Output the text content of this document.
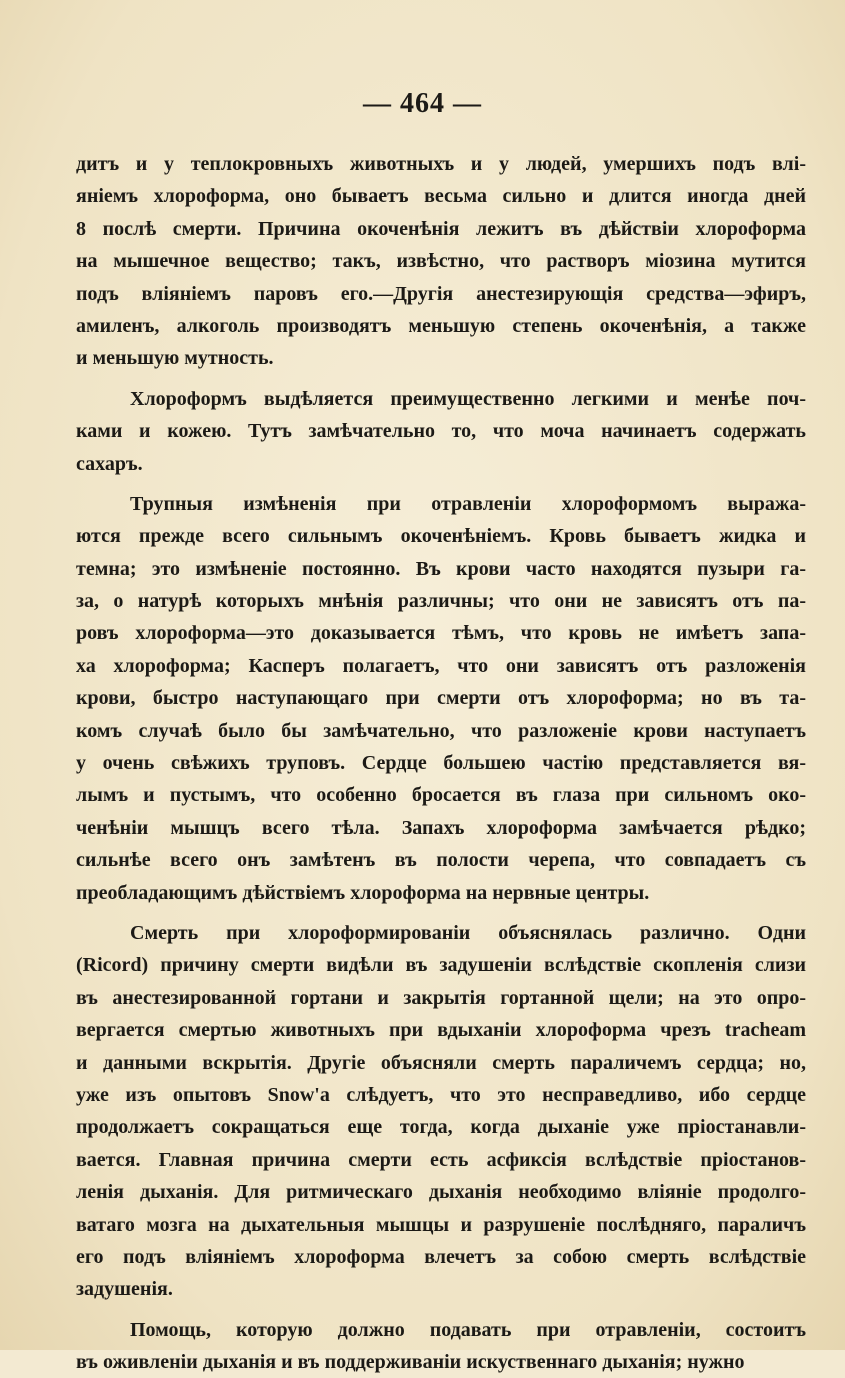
— 464 —
дитъ и у теплокровныхъ животныхъ и у людей, умершихъ подъ влі-
яніемъ хлороформа, оно бываетъ весьма сильно и длится иногда дней
8 послѣ смерти. Причина окоченѣнія лежитъ въ дѣйствіи хлороформа
на мышечное вещество; такъ, извѣстно, что растворъ міозина мутится
подъ вліяніемъ паровъ его.—Другія анестезирующія средства—эфиръ,
амиленъ, алкоголь производятъ меньшую степень окоченѣнія, а также
и меньшую мутность.
Хлороформъ выдѣляется преимущественно легкими и менѣе поч-
ками и кожею. Тутъ замѣчательно то, что моча начинаетъ содержать
сахаръ.
Трупныя измѣненія при отравленіи хлороформомъ выража-
ются прежде всего сильнымъ окоченѣніемъ. Кровь бываетъ жидка и
темна; это измѣненіе постоянно. Въ крови часто находятся пузыри га-
за, о натурѣ которыхъ мнѣнія различны; что они не зависятъ отъ па-
ровъ хлороформа—это доказывается тѣмъ, что кровь не имѣетъ запа-
ха хлороформа; Касперъ полагаетъ, что они зависятъ отъ разложенія
крови, быстро наступающаго при смерти отъ хлороформа; но въ та-
комъ случаѣ было бы замѣчательно, что разложеніе крови наступаетъ
у очень свѣжихъ труповъ. Сердце большею частію представляется вя-
лымъ и пустымъ, что особенно бросается въ глаза при сильномъ око-
ченѣніи мышцъ всего тѣла. Запахъ хлороформа замѣчается рѣдко;
сильнѣе всего онъ замѣтенъ въ полости черепа, что совпадаетъ съ
преобладающимъ дѣйствіемъ хлороформа на нервные центры.
Смерть при хлороформированіи объяснялась различно. Одни
(Ricord) причину смерти видѣли въ задушеніи вслѣдствіе скопленія слизи
въ анестезированной гортани и закрытія гортанной щели; на это опро-
вергается смертью животныхъ при вдыханіи хлороформа чрезъ tracheam
и данными вскрытія. Другіе объясняли смерть параличемъ сердца; но,
уже изъ опытовъ Snow'a слѣдуетъ, что это несправедливо, ибо сердце
продолжаетъ сокращаться еще тогда, когда дыханіе уже пріостанавли-
вается. Главная причина смерти есть асфиксія вслѣдствіе пріостанов-
ленія дыханія. Для ритмическаго дыханія необходимо вліяніе продолго-
ватаго мозга на дыхательныя мышцы и разрушеніе послѣдняго, параличъ
его подъ вліяніемъ хлороформа влечетъ за собою смерть вслѣдствіе
задушенія.
Помощь, которую должно подавать при отравленіи, состоитъ
въ оживленіи дыханія и въ поддерживаніи искуственнаго дыханія; нужно
